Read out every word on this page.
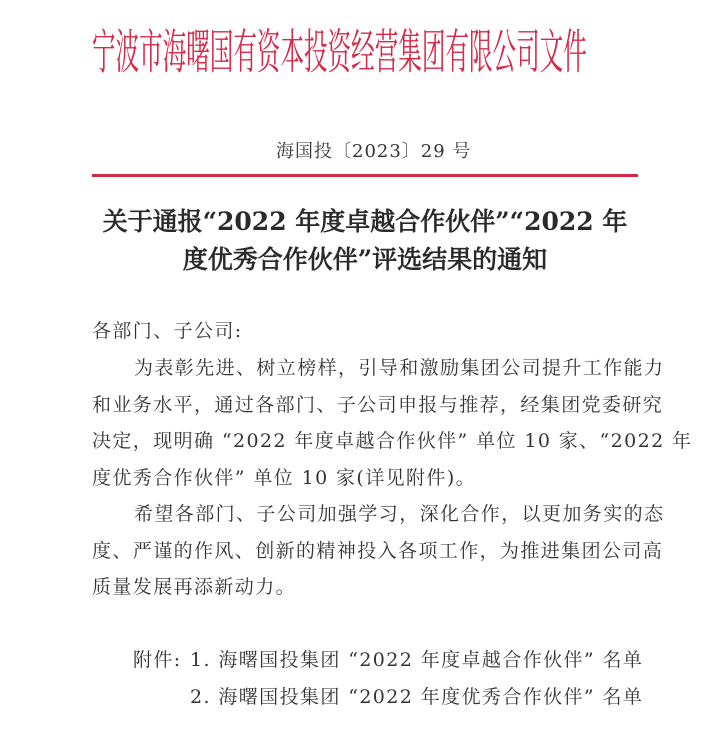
宁波市海曙国有资本投资经营集团有限公司文件
海国投〔2023〕29 号
关于通报“2022 年度卓越合作伙伴”“2022 年
度优秀合作伙伴”评选结果的通知
各部门、子公司:
为表彰先进、树立榜样，引导和激励集团公司提升工作能力
和业务水平，通过各部门、子公司申报与推荐，经集团党委研究
决定，现明确 “2022 年度卓越合作伙伴” 单位 10 家、“2022 年
度优秀合作伙伴” 单位 10 家(详见附件)。
希望各部门、子公司加强学习，深化合作，以更加务实的态
度、严谨的作风、创新的精神投入各项工作，为推进集团公司高
质量发展再添新动力。
附件: 1. 海曙国投集团 “2022 年度卓越合作伙伴” 名单
2. 海曙国投集团 “2022 年度优秀合作伙伴” 名单
